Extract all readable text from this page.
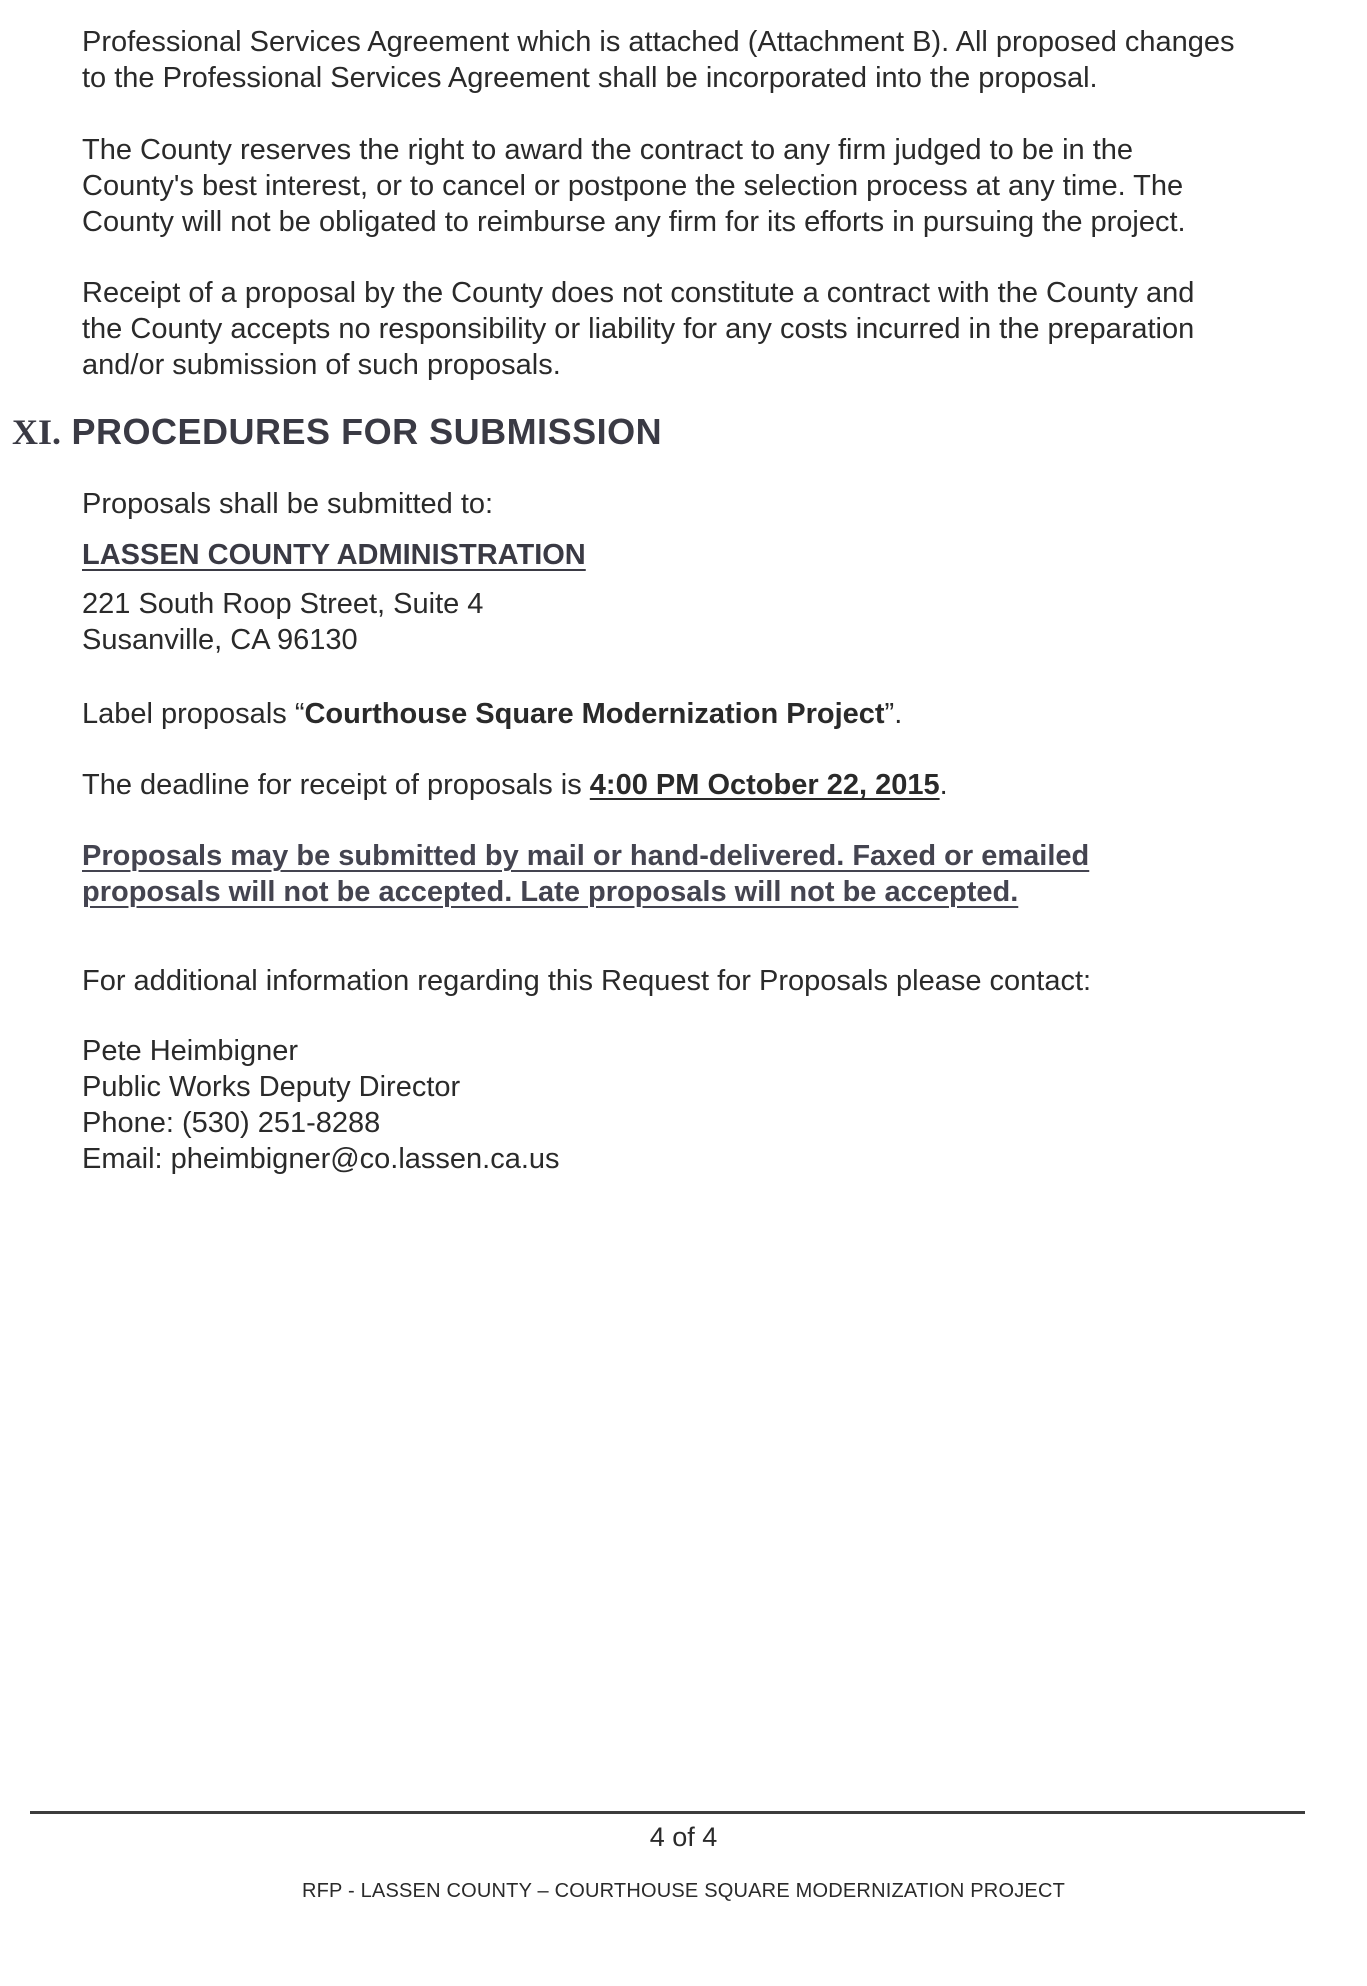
Professional Services Agreement which is attached (Attachment B). All proposed changes
to the Professional Services Agreement shall be incorporated into the proposal.

The County reserves the right to award the contract to any firm judged to be in the
County's best interest, or to cancel or postpone the selection process at any time. The
County will not be obligated to reimburse any firm for its efforts in pursuing the project.

Receipt of a proposal by the County does not constitute a contract with the County and
the County accepts no responsibility or liability for any costs incurred in the preparation
and/or submission of such proposals.

XI. PROCEDURES FOR SUBMISSION

Proposals shall be submitted to:

LASSEN COUNTY ADMINISTRATION
221 South Roop Street, Suite 4
Susanville, CA 96130

Label proposals “Courthouse Square Modernization Project”.

The deadline for receipt of proposals is 4:00 PM October 22, 2015.

Proposals may be submitted by mail or hand-delivered. Faxed or emailed
proposals will not be accepted. Late proposals will not be accepted.

For additional information regarding this Request for Proposals please contact:

Pete Heimbigner
Public Works Deputy Director
Phone: (530) 251-8288
Email: pheimbigner@co.lassen.ca.us

4 of 4
RFP - LASSEN COUNTY – COURTHOUSE SQUARE MODERNIZATION PROJECT
